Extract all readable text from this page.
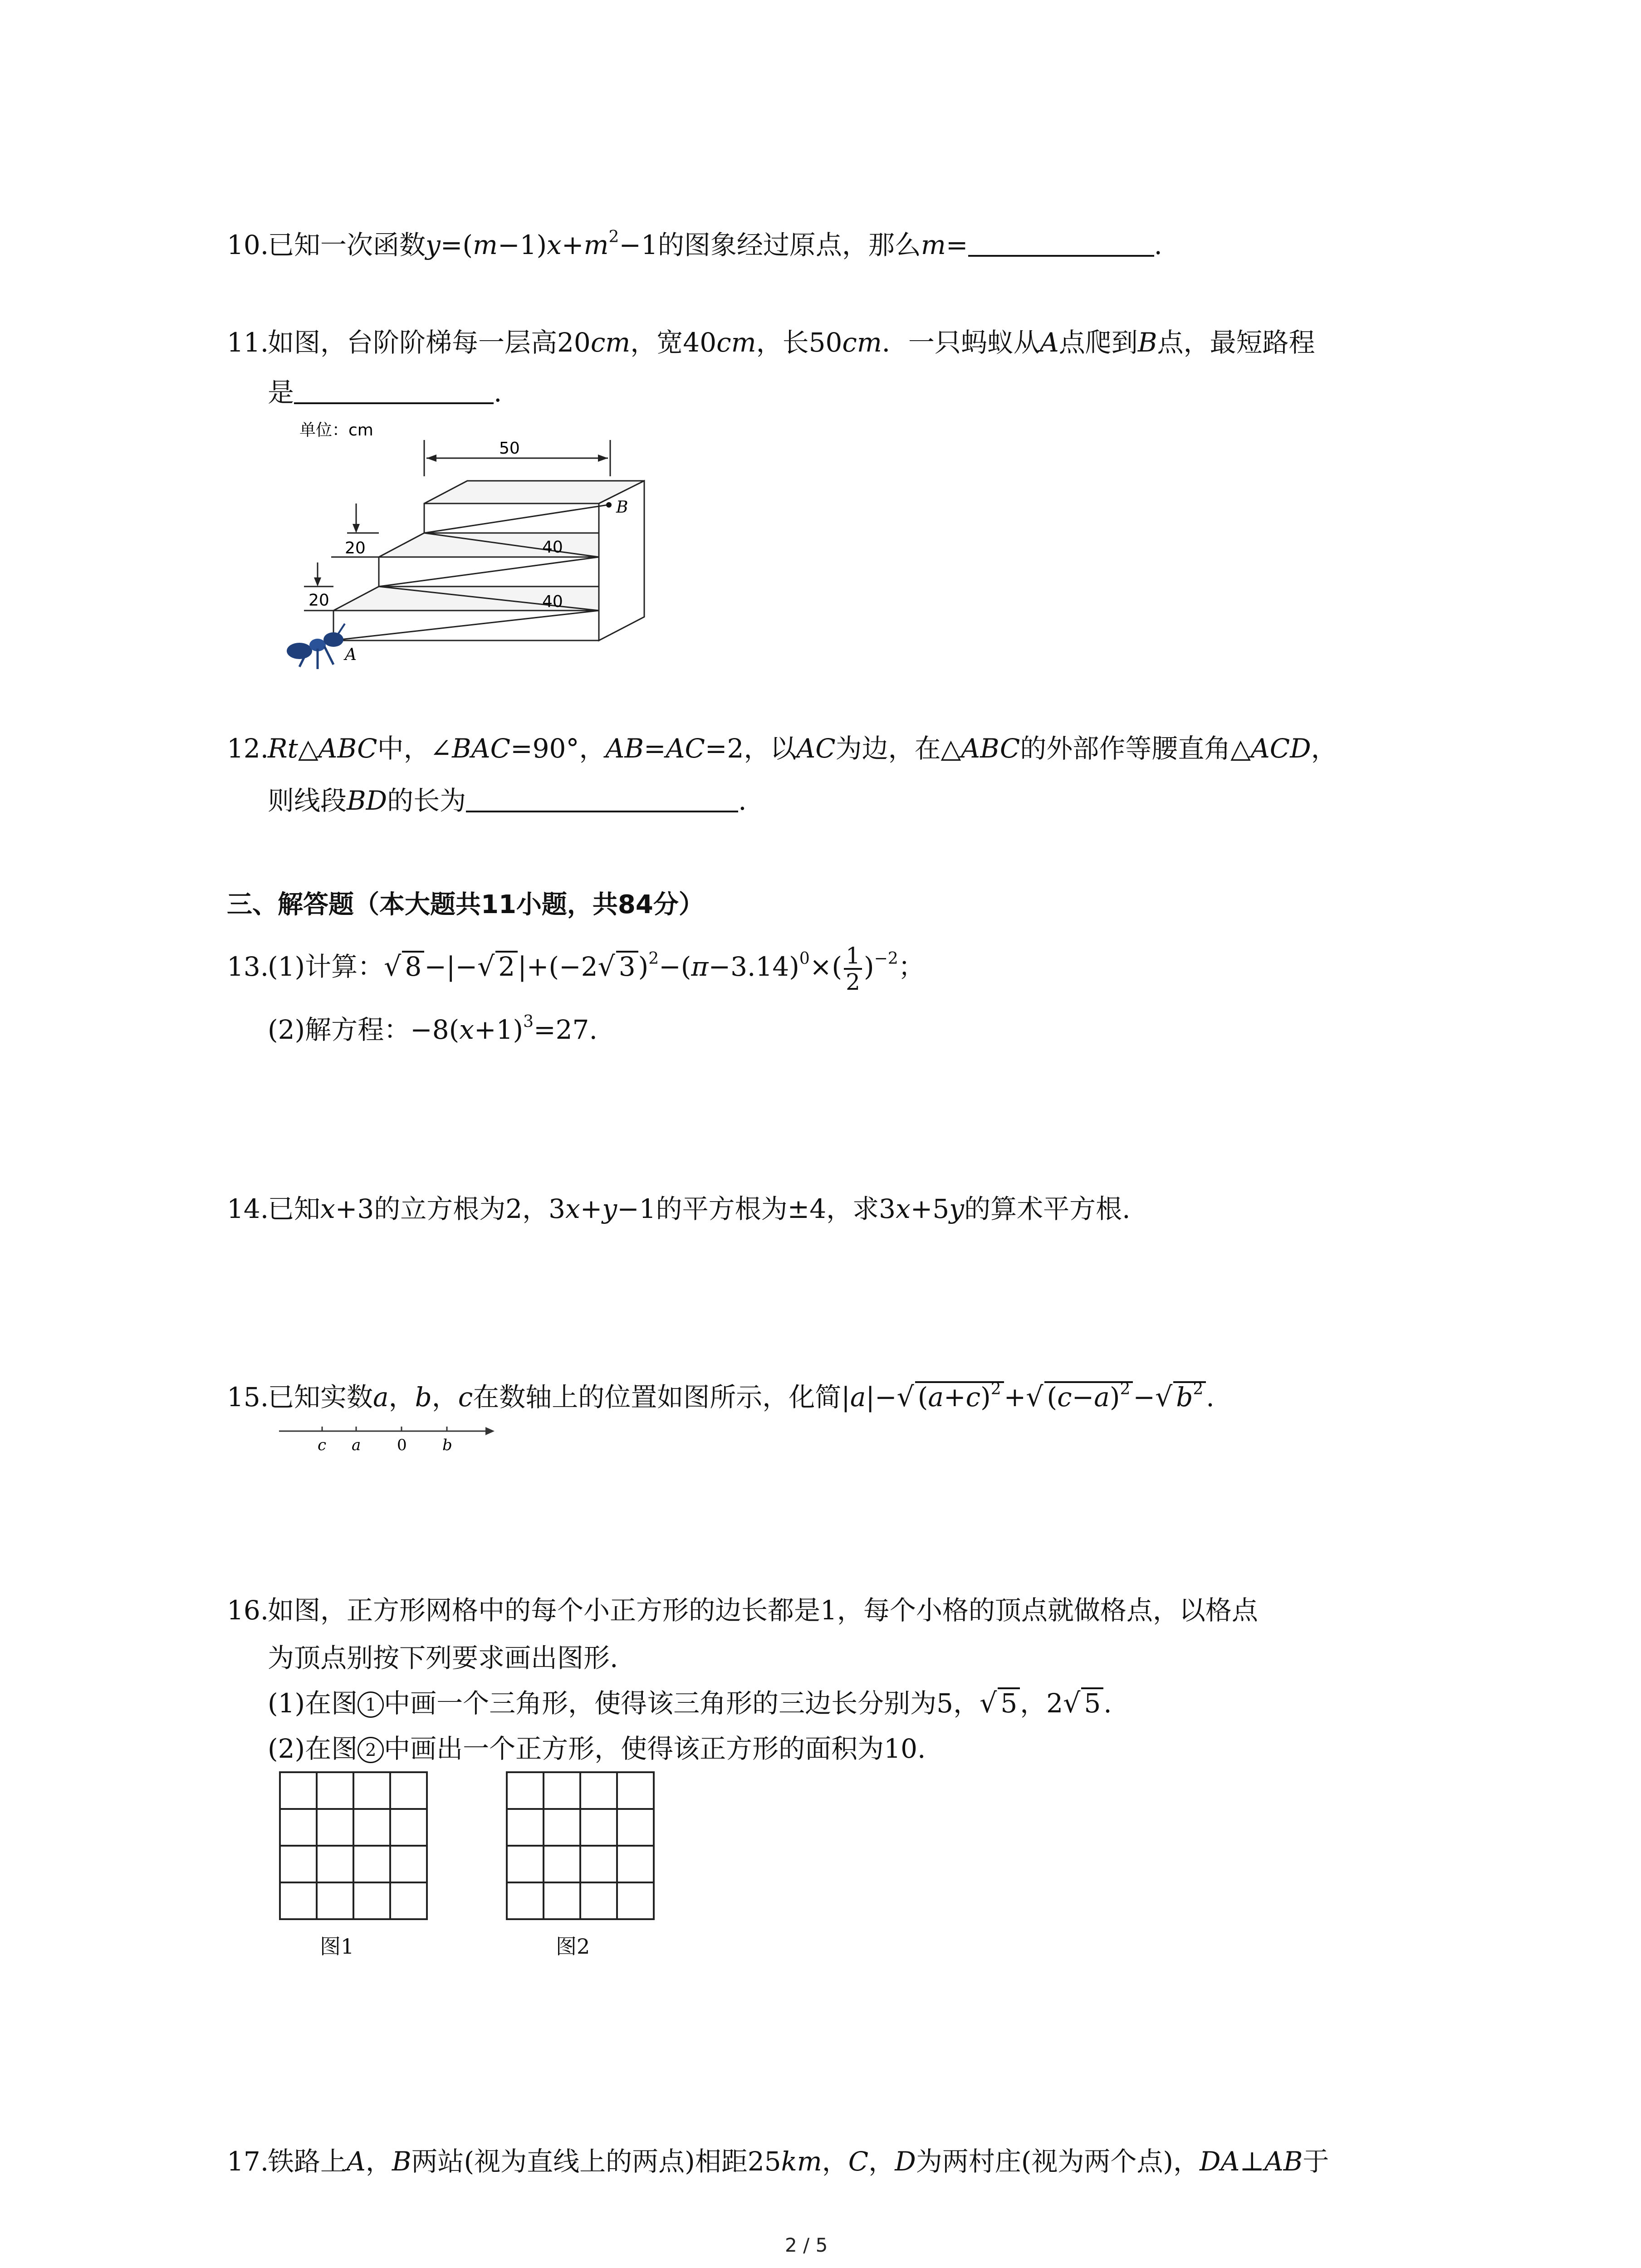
10.已知一次函数$y=(m-1)x+m^2-1$的图象经过原点，那么m=	.
11.如图，台阶阶梯每一层高20cm，宽40cm，长50cm．一只蚂蚁从A点爬到B点，最短路程
是	.
单位：cm
50
B
A
40
40
20
20
12.Rt△ABC中，∠BAC=90°，AB=AC=2，以AC为边，在△ABC的外部作等腰直角△ACD，
则线段BD的长为	.
三、解答题（本大题共11小题，共84分）
13.(1)计算：√ 8 −|−√ 2 |+(−2√ 3 )$^2-(\pi-3.14)^0\times( \frac{1}{2} )^{-2}$；
(2)解方程：$-8(x+1)^3=27$.
14.已知x+3的立方根为2，3x+y−1的平方根为±4，求3x+5y的算术平方根.
15.已知实数a，b，c在数轴上的位置如图所示，化简|a|−√ $(a+c)^2$ +√ $(c-a)^2$ −√ $b^2$ .
c a 0 b
16.如图，正方形网格中的每个小正方形的边长都是1，每个小格的顶点就做格点，以格点
为顶点别按下列要求画出图形.
(1)在图 1 中画一个三角形，使得该三角形的三边长分别为5，√ 5 ，2√ 5 .
(2)在图 2 中画出一个正方形，使得该正方形的面积为10.
图1	图2
17.铁路上A，B两站(视为直线上的两点)相距25km，C，D为两村庄(视为两个点)，DA⊥AB于
2 / 5
